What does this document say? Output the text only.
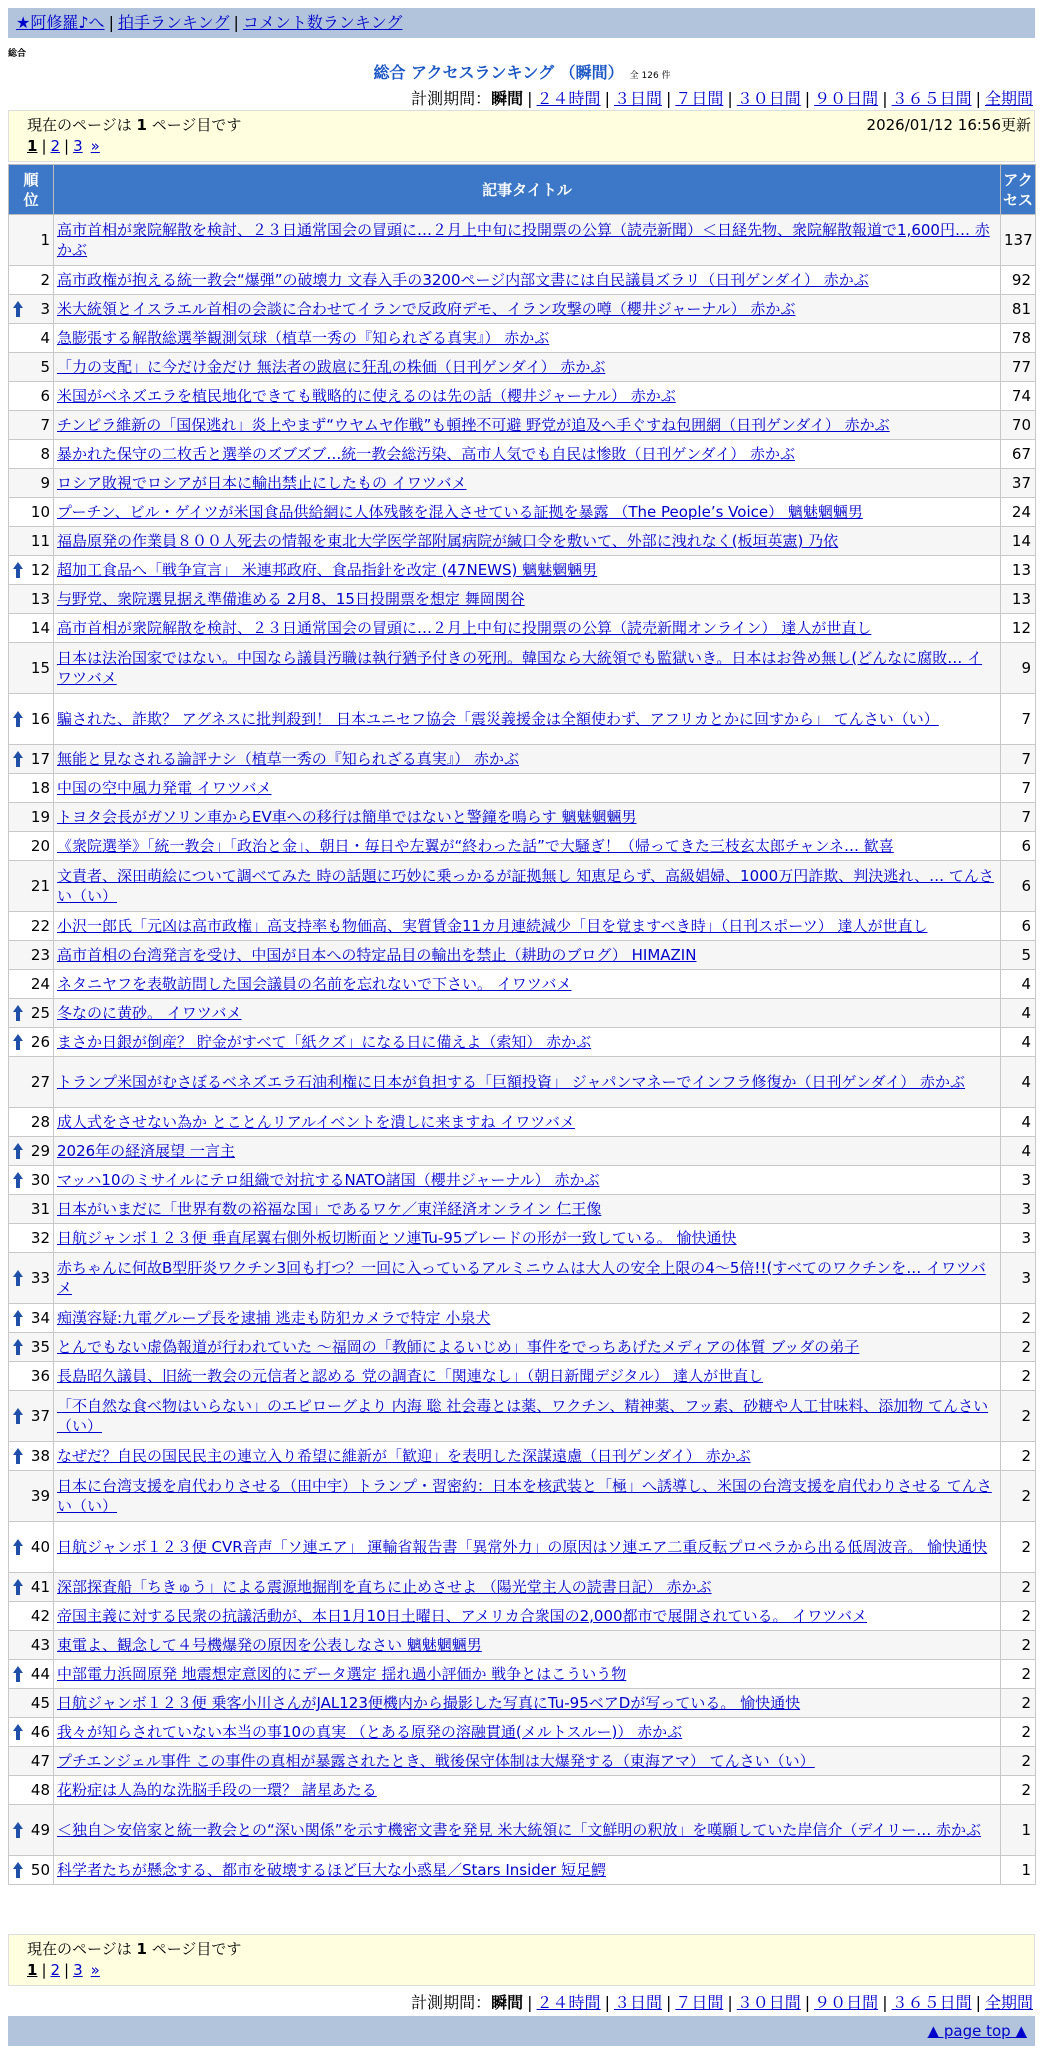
★阿修羅♪へ | 拍手ランキング | コメント数ランキング
総合
総合 アクセスランキング （瞬間） 全 126 件
計測期間：瞬間 | ２４時間 | ３日間 | ７日間 | ３０日間 | ９０日間 | ３６５日間 | 全期間
現在のページは 1 ページ目です	2026/01/12 16:56更新
1 | 2 | 3 »
順位	記事タイトル	アクセス
1	高市首相が衆院解散を検討、２３日通常国会の冒頭に…２月上中旬に投開票の公算（読売新聞）＜日経先物、衆院解散報道で1,600円… 赤かぶ	137
2	高市政権が抱える統一教会“爆弾”の破壊力 文春入手の3200ページ内部文書には自民議員ズラリ（日刊ゲンダイ） 赤かぶ	92

3	米大統領とイスラエル首相の会談に合わせてイランで反政府デモ、イラン攻撃の噂（櫻井ジャーナル） 赤かぶ	81
4	急膨張する解散総選挙観測気球（植草一秀の『知られざる真実』） 赤かぶ	78
5	「力の支配」に今だけ金だけ 無法者の跋扈に狂乱の株価（日刊ゲンダイ） 赤かぶ	77
6	米国がベネズエラを植民地化できても戦略的に使えるのは先の話（櫻井ジャーナル） 赤かぶ	74
7	チンピラ維新の「国保逃れ」炎上やまず“ウヤムヤ作戦”も頓挫不可避 野党が追及へ手ぐすね包囲網（日刊ゲンダイ） 赤かぶ	70
8	暴かれた保守の二枚舌と選挙のズブズブ…統一教会総汚染、高市人気でも自民は惨敗（日刊ゲンダイ） 赤かぶ	67
9	ロシア敗視でロシアが日本に輸出禁止にしたもの イワツバメ	37
10	プーチン、ビル・ゲイツが米国食品供給網に人体残骸を混入させている証拠を暴露 （The People’s Voice） 魑魅魍魎男	24
11	福島原発の作業員８００人死去の情報を東北大学医学部附属病院が緘口令を敷いて、外部に洩れなく(板垣英憲) 乃依	14

12	超加工食品へ「戦争宣言」 米連邦政府、食品指針を改定 (47NEWS) 魑魅魍魎男	13
13	与野党、衆院選見据え準備進める 2月8、15日投開票を想定 舞岡関谷	13
14	高市首相が衆院解散を検討、２３日通常国会の冒頭に…２月上中旬に投開票の公算（読売新聞オンライン） 達人が世直し	12
15	日本は法治国家ではない。中国なら議員汚職は執行猶予付きの死刑。韓国なら大統領でも監獄いき。日本はお咎め無し(どんなに腐敗… イワツバメ	9

16	騙された、詐欺？ アグネスに批判殺到！ 日本ユニセフ協会「震災義援金は全額使わず、アフリカとかに回すから」 てんさい（い）	7

17	無能と見なされる論評ナシ（植草一秀の『知られざる真実』） 赤かぶ	7
18	中国の空中風力発電 イワツバメ	7
19	トヨタ会長がガソリン車からEV車への移行は簡単ではないと警鐘を鳴らす 魑魅魍魎男	7
20	《衆院選挙》「統一教会」「政治と金」、朝日・毎日や左翼が“終わった話”で大騒ぎ！（帰ってきた三枝玄太郎チャンネ… 歓喜	6
21	文責者、深田萌絵について調べてみた 時の話題に巧妙に乗っかるが証拠無し 知恵足らず、高級娼婦、1000万円詐欺、判決逃れ、… てんさい（い）	6
22	小沢一郎氏「元凶は高市政権」高支持率も物価高、実質賃金11カ月連続減少「目を覚ますべき時」（日刊スポーツ） 達人が世直し	6
23	高市首相の台湾発言を受け、中国が日本への特定品目の輸出を禁止（耕助のブログ） HIMAZIN	5
24	ネタニヤフを表敬訪問した国会議員の名前を忘れないで下さい。 イワツバメ	4

25	冬なのに黄砂。 イワツバメ	4

26	まさか日銀が倒産？ 貯金がすべて「紙クズ」になる日に備えよ（索知） 赤かぶ	4
27	トランプ米国がむさぼるベネズエラ石油利権に日本が負担する「巨額投資」 ジャパンマネーでインフラ修復か（日刊ゲンダイ） 赤かぶ	4
28	成人式をさせない為か とことんリアルイベントを潰しに来ますね イワツバメ	4

29	2026年の経済展望 一言主	4

30	マッハ10のミサイルにテロ組織で対抗するNATO諸国（櫻井ジャーナル） 赤かぶ	3
31	日本がいまだに「世界有数の裕福な国」であるワケ／東洋経済オンライン 仁王像	3
32	日航ジャンボ１２３便 垂直尾翼右側外板切断面とソ連Tu-95ブレードの形が一致している。 愉快通快	3

33	赤ちゃんに何故B型肝炎ワクチン3回も打つ？一回に入っているアルミニウムは大人の安全上限の4～5倍!!(すべてのワクチンを… イワツバメ	3

34	痴漢容疑:九電グループ長を逮捕 逃走も防犯カメラで特定 小泉犬	2

35	とんでもない虚偽報道が行われていた ～福岡の「教師によるいじめ」事件をでっちあげたメディアの体質 ブッダの弟子	2
36	長島昭久議員、旧統一教会の元信者と認める 党の調査に「関連なし」（朝日新聞デジタル） 達人が世直し	2

37	「不自然な食べ物はいらない」のエピローグより 内海 聡 社会毒とは薬、ワクチン、精神薬、フッ素、砂糖や人工甘味料、添加物 てんさい（い）	2

38	なぜだ？自民の国民民主の連立入り希望に維新が「歓迎」を表明した深謀遠慮（日刊ゲンダイ） 赤かぶ	2
39	日本に台湾支援を肩代わりさせる（田中宇）トランプ・習密約：日本を核武装と「極」へ誘導し、米国の台湾支援を肩代わりさせる てんさい（い）	2

40	日航ジャンボ１２３便 CVR音声「ソ連エア」 運輸省報告書「異常外力」の原因はソ連エア二重反転プロペラから出る低周波音。 愉快通快	2

41	深部探査船「ちきゅう」による震源地掘削を直ちに止めさせよ （陽光堂主人の読書日記） 赤かぶ	2
42	帝国主義に対する民衆の抗議活動が、本日1月10日土曜日、アメリカ合衆国の2,000都市で展開されている。 イワツバメ	2
43	東電よ、観念して４号機爆発の原因を公表しなさい 魑魅魍魎男	2

44	中部電力浜岡原発 地震想定意図的にデータ選定 揺れ過小評価か 戦争とはこういう物	2
45	日航ジャンボ１２３便 乗客小川さんがJAL123便機内から撮影した写真にTu-95ベアDが写っている。 愉快通快	2

46	我々が知らされていない本当の事10の真実 （とある原発の溶融貫通(メルトスルー)） 赤かぶ	2
47	プチエンジェル事件 この事件の真相が暴露されたとき、戦後保守体制は大爆発する（東海アマ） てんさい（い）	2
48	花粉症は人為的な洗脳手段の一環？ 諸星あたる	2

49	＜独自＞安倍家と統一教会との“深い関係”を示す機密文書を発見 米大統領に「文鮮明の釈放」を嘆願していた岸信介（デイリー… 赤かぶ	1

50	科学者たちが懸念する、都市を破壊するほど巨大な小惑星／Stars Insider 短足鰐	1
現在のページは 1 ページ目です
1 | 2 | 3 »
計測期間：瞬間 | ２４時間 | ３日間 | ７日間 | ３０日間 | ９０日間 | ３６５日間 | 全期間
▲ page top ▲
